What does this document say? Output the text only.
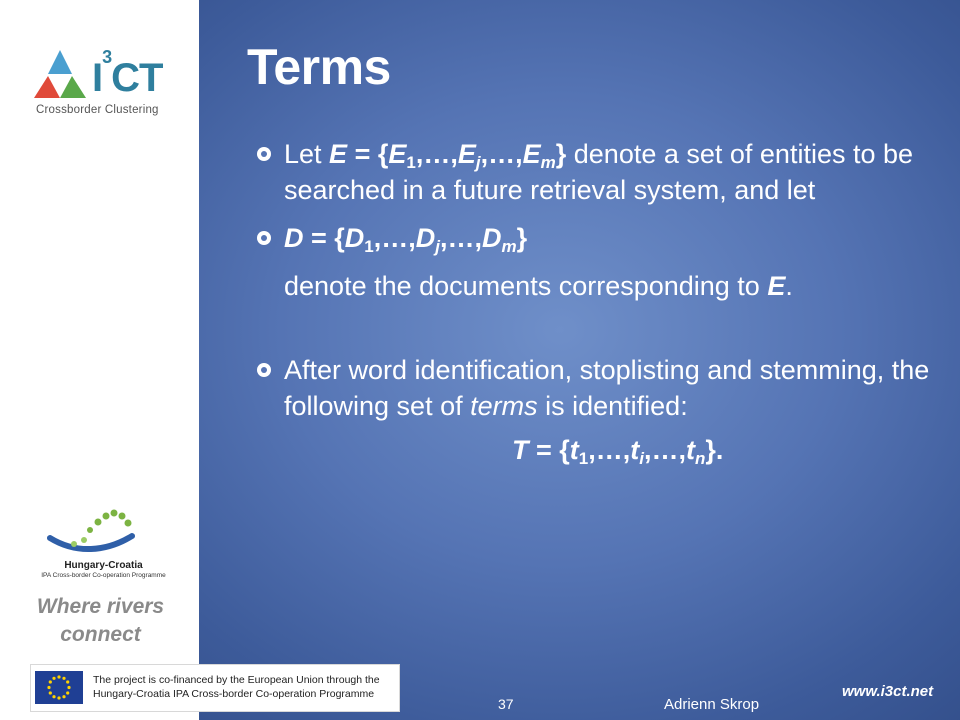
$I^3CT$
Crossborder Clustering
Hungary-Croatia
IPA Cross-border Co-operation Programme
Where rivers
connect
The project is co-financed by the European Union through the
Hungary-Croatia IPA Cross-border Co-operation Programme
Terms
Let $E = \{E_1,\dots,E_j,\dots,E_m\}$ denote a set of entities to be searched in a future retrieval system, and let
$D = \{D_1,\dots,D_j,\dots,D_m\}$
denote the documents corresponding to E.
After word identification, stoplisting and stemming, the following set of terms is identified:
$T = \{t_1,\dots,t_i,\dots,t_n\}$.
37	Adrienn Skrop
www.i3ct.net
